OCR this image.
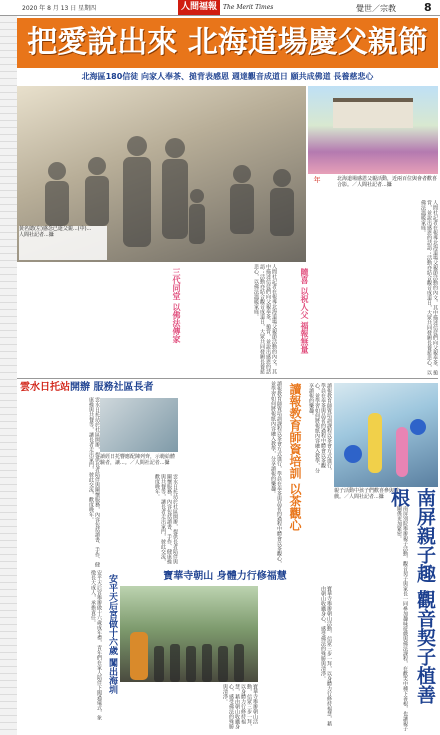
2020 年 8 月 13 日 星期四	人間福報	The Merit Times	覺世／宗教	8
把愛說出來 北海道場慶父親節
北海區180信徒 向家人奉茶、搥背表感恩 週達觀音成道日 願共成佛道 長養慈悲心
黃名總(左)感念已逝父親...(中)...
人間社記者...攝
北海道場感恩父親活動，近兩百位與會者歡喜合影。／人間社記者...攝
年
人間社記者在報導北海道場父親節活動的內文，其中描述信徒們向父親奉茶、搥背，並說出感恩的話語；活動亦結合觀音成道日，大眾共同發願長養慈悲心，以佛法溫暖家庭。	人間社記者在報導北海道場父親節活動的內文，其中描述信徒們向父親奉茶、搥背，並說出感恩的話語；活動亦結合觀音成道日，大眾共同發願長養慈悲心，以佛法溫暖家庭。
三代同堂 以佛法傳家	隨喜 以祝人父 福報無量
雲水日托站開辦 服務社區長者
雲水日托站於社區開辦，提供長者陪伴與關懷服務，內容包括讀書、手作、健康操與共餐等，讓長者走出家門，彼此交流，歡度晚年。	讀經日托響應配陳列齊，示範給體驗者，讓...。／人間社記者...攝
雲水日托站於社區開辦，提供長者陪伴與關懷服務，內容包括讀書、手作、健康操與共餐等，讓長者走出家門，彼此交流，歡度晚年。	讀報教育師資培訓課程以茶會方式進行，學員在奉茶與品茗的過程中體會以茶觀心，並學習如何將報紙內容融入教學，分享讀報的樂趣。	讀報教育師資培訓 以茶觀心	讀報教育師資培訓課程以茶會方式進行，學員在奉茶與品茗的過程中體會以茶觀心，並學習如何將報紙內容融入教學，分享讀報的樂趣。
親子活動中孩子們歡喜參與遊戲。／人間社記者...攝	南屏親子趣 觀音契子植善根
南屏別院舉辦親子活動，觀音契子與家長一同參加趣味遊戲與佛法課程，在歡笑中種下善根，也讓親子關係更加緊密。
安平天后宮舉辦做十六歲成年禮，青年們在家人陪伴下闖過儀式，象徵長大成人，承擔責任。	安平天后宮做十六歲 闖出海圳	寶華寺朝山 身體力行修福慧
寶華寺舉辦朝山活動，信眾三步一拜，以身體力行修持福慧，藉由朝山收攝身心，感受佛法的殊勝與清淨。	寶華寺舉辦朝山活動，信眾三步一拜，以身體力行修持福慧，藉由朝山收攝身心，感受佛法的殊勝與清淨。
